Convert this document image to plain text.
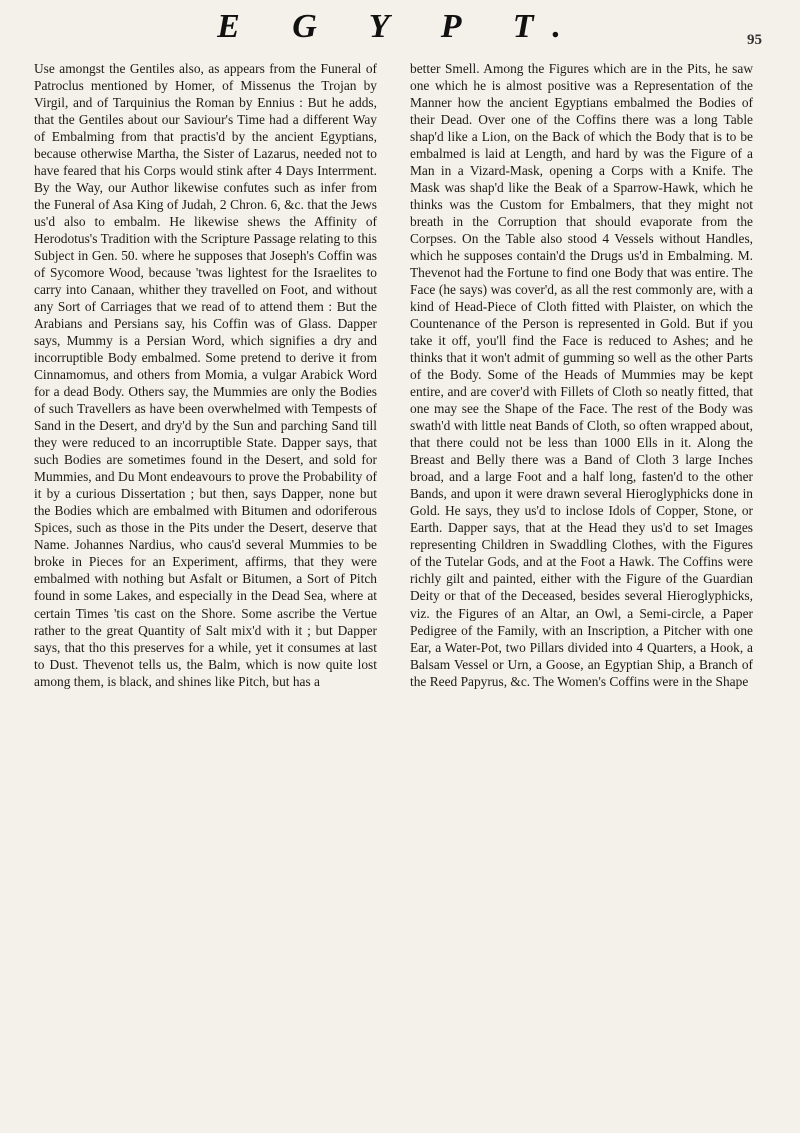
E G Y P T.	95

Use amongst the Gentiles also, as appears from the Funeral of Patroclus mentioned by Homer, of Missenus the Trojan by Virgil, and of Tarquinius the Roman by Ennius : But he adds, that the Gentiles about our Saviour's Time had a different Way of Embalming from that practis'd by the ancient Egyptians, because otherwise Martha, the Sister of Lazarus, needed not to have feared that his Corps would stink after 4 Days Interrment. By the Way, our Author likewise confutes such as infer from the Funeral of Asa King of Judah, 2 Chron. 6, &c. that the Jews us'd also to embalm. He likewise shews the Affinity of Herodotus's Tradition with the Scripture Passage relating to this Subject in Gen. 50. where he supposes that Joseph's Coffin was of Sycomore Wood, because 'twas lightest for the Israelites to carry into Canaan, whither they travelled on Foot, and without any Sort of Carriages that we read of to attend them : But the Arabians and Persians say, his Coffin was of Glass. Dapper says, Mummy is a Persian Word, which signifies a dry and incorruptible Body embalmed. Some pretend to derive it from Cinnamomus, and others from Momia, a vulgar Arabick Word for a dead Body. Others say, the Mummies are only the Bodies of such Travellers as have been overwhelmed with Tempests of Sand in the Desert, and dry'd by the Sun and parching Sand till they were reduced to an incorruptible State. Dapper says, that such Bodies are sometimes found in the Desert, and sold for Mummies, and Du Mont endeavours to prove the Probability of it by a curious Dissertation ; but then, says Dapper, none but the Bodies which are embalmed with Bitumen and odoriferous Spices, such as those in the Pits under the Desert, deserve that Name. Johannes Nardius, who caus'd several Mummies to be broke in Pieces for an Experiment, affirms, that they were embalmed with nothing but Asfalt or Bitumen, a Sort of Pitch found in some Lakes, and especially in the Dead Sea, where at certain Times 'tis cast on the Shore. Some ascribe the Vertue rather to the great Quantity of Salt mix'd with it ; but Dapper says, that tho this preserves for a while, yet it consumes at last to Dust. Thevenot tells us, the Balm, which is now quite lost among them, is black, and shines like Pitch, but has a

better Smell. Among the Figures which are in the Pits, he saw one which he is almost positive was a Representation of the Manner how the ancient Egyptians embalmed the Bodies of their Dead. Over one of the Coffins there was a long Table shap'd like a Lion, on the Back of which the Body that is to be embalmed is laid at Length, and hard by was the Figure of a Man in a Vizard-Mask, opening a Corps with a Knife. The Mask was shap'd like the Beak of a Sparrow-Hawk, which he thinks was the Custom for Embalmers, that they might not breath in the Corruption that should evaporate from the Corpses. On the Table also stood 4 Vessels without Handles, which he supposes contain'd the Drugs us'd in Embalming. M. Thevenot had the Fortune to find one Body that was entire. The Face (he says) was cover'd, as all the rest commonly are, with a kind of Head-Piece of Cloth fitted with Plaister, on which the Countenance of the Person is represented in Gold. But if you take it off, you'll find the Face is reduced to Ashes; and he thinks that it won't admit of gumming so well as the other Parts of the Body. Some of the Heads of Mummies may be kept entire, and are cover'd with Fillets of Cloth so neatly fitted, that one may see the Shape of the Face. The rest of the Body was swath'd with little neat Bands of Cloth, so often wrapped about, that there could not be less than 1000 Ells in it. Along the Breast and Belly there was a Band of Cloth 3 large Inches broad, and a large Foot and a half long, fasten'd to the other Bands, and upon it were drawn several Hieroglyphicks done in Gold. He says, they us'd to inclose Idols of Copper, Stone, or Earth. Dapper says, that at the Head they us'd to set Images representing Children in Swaddling Clothes, with the Figures of the Tutelar Gods, and at the Foot a Hawk. The Coffins were richly gilt and painted, either with the Figure of the Guardian Deity or that of the Deceased, besides several Hieroglyphicks, viz. the Figures of an Altar, an Owl, a Semi-circle, a Paper Pedigree of the Family, with an Inscription, a Pitcher with one Ear, a Water-Pot, two Pillars divided into 4 Quarters, a Hook, a Balsam Vessel or Urn, a Goose, an Egyptian Ship, a Branch of the Reed Papyrus, &c. The Women's Coffins were in the Shape
